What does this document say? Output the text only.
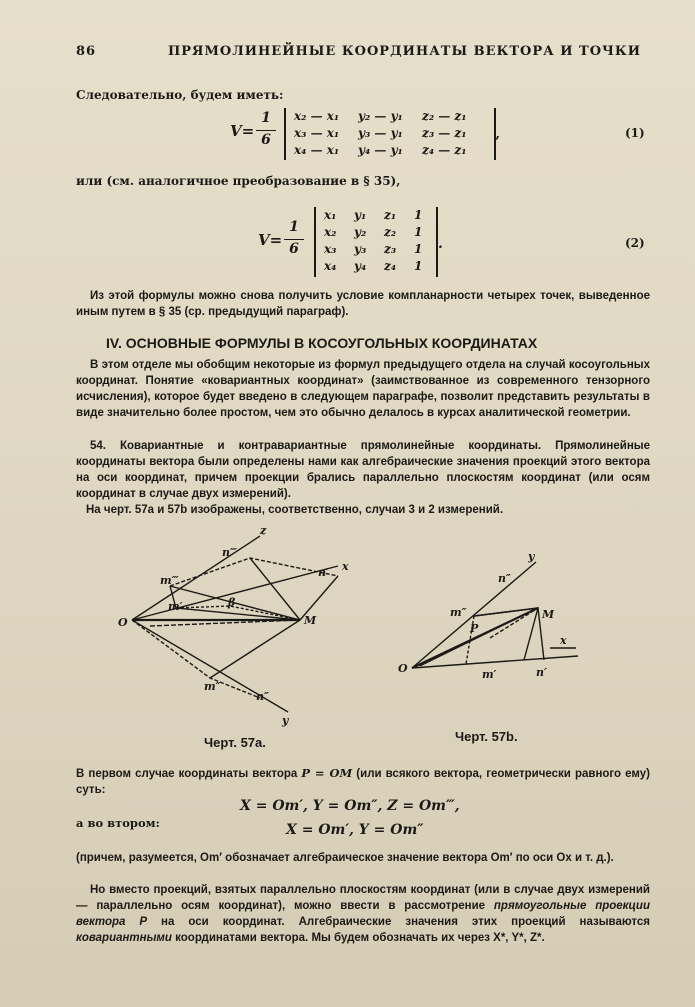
86	ПРЯМОЛИНЕЙНЫЕ КООРДИНАТЫ ВЕКТОРА И ТОЧКИ
Следовательно, будем иметь:
V=
1
6
x₂ — x₁ y₂ — y₁ z₂ — z₁
x₃ — x₁ y₃ — y₁ z₃ — z₁
x₄ — x₁ y₄ — y₁ z₄ — z₁
,	(1)
или (см. аналогичное преобразование в § 35),
V=
1
6
x₁ y₁ z₁ 1
x₂ y₂ z₂ 1
x₃ y₃ z₃ 1
x₄ y₄ z₄ 1
.	(2)
Из этой формулы можно снова получить условие компланарности четырех точек, выведенное иным путем в § 35 (ср. предыдущий параграф).
IV. ОСНОВНЫЕ ФОРМУЛЫ В КОСОУГОЛЬНЫХ КООРДИНАТАХ
В этом отделе мы обобщим некоторые из формул предыдущего отдела на случай косоугольных координат. Понятие «ковариантных координат» (заимствованное из современного тензорного исчисления), которое будет введено в следующем параграфе, позволит представить результаты в виде значительно более простом, чем это обычно делалось в курсах аналитической геометрии.
54. Ковариантные и контравариантные прямолинейные координаты. Прямолинейные координаты вектора были определены нами как алгебраические значения проекций этого вектора на оси координат, причем проекции брались параллельно плоскостям координат (или осям координат в случае двух измерений).
На черт. 57a и 57b изображены, соответственно, случаи 3 и 2 измерений.
z
n‴
m‴
n′ x
m′	β
O	M
m″
n″
y
y
n″
m″
P
M
x
O	m′	n′
Черт. 57a.	Черт. 57b.
В первом случае координаты вектора P = OM (или всякого вектора, геометрически равного ему) суть:
X = Om′, Y = Om″, Z = Om‴,
а во втором:	X = Om′, Y = Om″
(причем, разумеется, Om′ обозначает алгебраическое значение вектора Om′ по оси Ox и т. д.).
Но вместо проекций, взятых параллельно плоскостям координат (или в случае двух измерений — параллельно осям координат), можно ввести в рассмотрение прямоугольные проекции вектора P на оси координат. Алгебраические значения этих проекций называются ковариантными координатами вектора. Мы будем обозначать их через X*, Y*, Z*.
